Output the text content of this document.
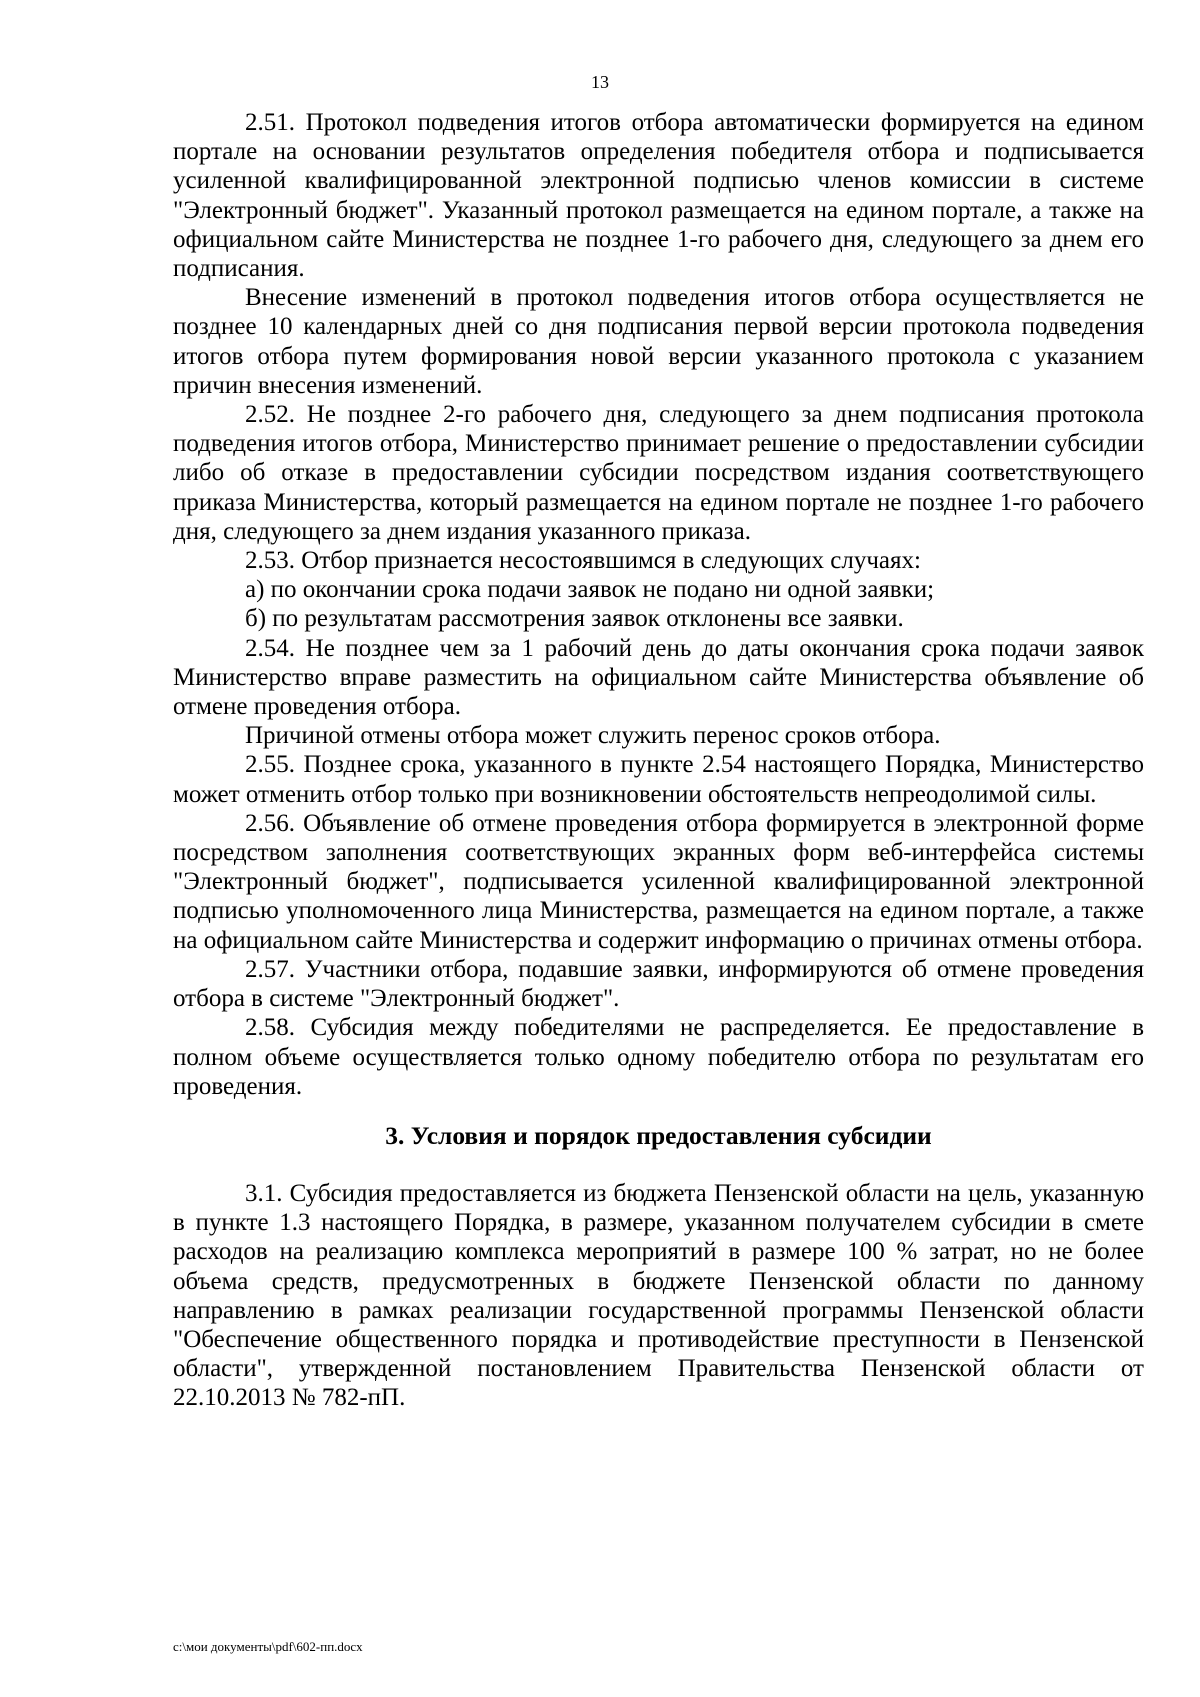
13

2.51. Протокол подведения итогов отбора автоматически формируется на едином портале на основании результатов определения победителя отбора и подписывается усиленной квалифицированной электронной подписью членов комиссии в системе "Электронный бюджет". Указанный протокол размещается на едином портале, а также на официальном сайте Министерства не позднее 1-го рабочего дня, следующего за днем его подписания.

Внесение изменений в протокол подведения итогов отбора осуществляется не позднее 10 календарных дней со дня подписания первой версии протокола подведения итогов отбора путем формирования новой версии указанного протокола с указанием причин внесения изменений.

2.52. Не позднее 2-го рабочего дня, следующего за днем подписания протокола подведения итогов отбора, Министерство принимает решение о предоставлении субсидии либо об отказе в предоставлении субсидии посредством издания соответствующего приказа Министерства, который размещается на едином портале не позднее 1-го рабочего дня, следующего за днем издания указанного приказа.

2.53. Отбор признается несостоявшимся в следующих случаях:

а) по окончании срока подачи заявок не подано ни одной заявки;

б) по результатам рассмотрения заявок отклонены все заявки.

2.54. Не позднее чем за 1 рабочий день до даты окончания срока подачи заявок Министерство вправе разместить на официальном сайте Министерства объявление об отмене проведения отбора.

Причиной отмены отбора может служить перенос сроков отбора.

2.55. Позднее срока, указанного в пункте 2.54 настоящего Порядка, Министерство может отменить отбор только при возникновении обстоятельств непреодолимой силы.

2.56. Объявление об отмене проведения отбора формируется в электронной форме посредством заполнения соответствующих экранных форм веб-интерфейса системы "Электронный бюджет", подписывается усиленной квалифицированной электронной подписью уполномоченного лица Министерства, размещается на едином портале, а также на официальном сайте Министерства и содержит информацию о причинах отмены отбора.

2.57. Участники отбора, подавшие заявки, информируются об отмене проведения отбора в системе "Электронный бюджет".

2.58. Субсидия между победителями не распределяется. Ее предоставление в полном объеме осуществляется только одному победителю отбора по результатам его проведения.

3. Условия и порядок предоставления субсидии

3.1. Субсидия предоставляется из бюджета Пензенской области на цель, указанную в пункте 1.3 настоящего Порядка, в размере, указанном получателем субсидии в смете расходов на реализацию комплекса мероприятий в размере 100 % затрат, но не более объема средств, предусмотренных в бюджете Пензенской области по данному направлению в рамках реализации государственной программы Пензенской области "Обеспечение общественного порядка и противодействие преступности в Пензенской области", утвержденной постановлением Правительства Пензенской области от 22.10.2013 № 782-пП.

c:\мои документы\pdf\602-пп.docx
